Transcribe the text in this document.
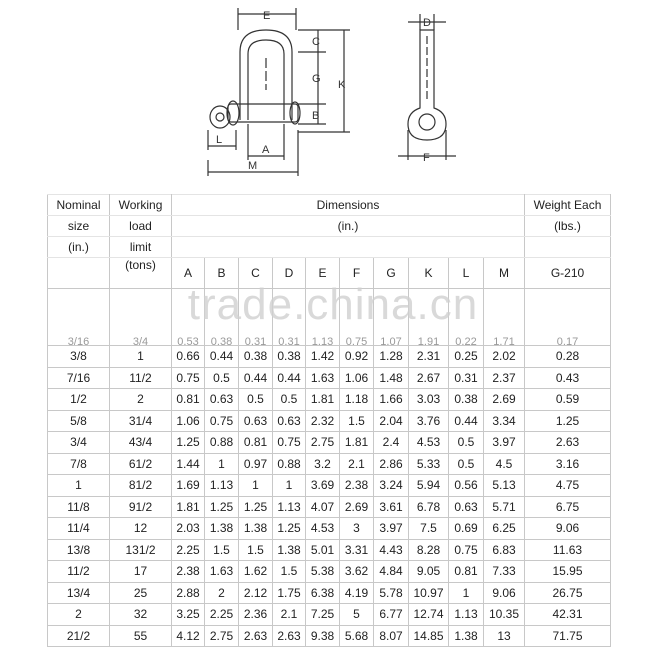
E
C
G K
B
A
L
M
D
F
Nominal	Working	Dimensions										Weight Each
size	load	(in.)										(lbs.)
(in.)	limit											
	(tons)	A	B	C	D	E	F	G	K	L	M	G-210

3/16	3/4	0.53	0.38	0.31	0.31	1.13	0.75	1.07	1.91	0.22	1.71	0.17
3/8	1	0.66	0.44	0.38	0.38	1.42	0.92	1.28	2.31	0.25	2.02	0.28
7/16	11/2	0.75	0.5	0.44	0.44	1.63	1.06	1.48	2.67	0.31	2.37	0.43
1/2	2	0.81	0.63	0.5	0.5	1.81	1.18	1.66	3.03	0.38	2.69	0.59
5/8	31/4	1.06	0.75	0.63	0.63	2.32	1.5	2.04	3.76	0.44	3.34	1.25
3/4	43/4	1.25	0.88	0.81	0.75	2.75	1.81	2.4	4.53	0.5	3.97	2.63
7/8	61/2	1.44	1	0.97	0.88	3.2	2.1	2.86	5.33	0.5	4.5	3.16
1	81/2	1.69	1.13	1	1	3.69	2.38	3.24	5.94	0.56	5.13	4.75
11/8	91/2	1.81	1.25	1.25	1.13	4.07	2.69	3.61	6.78	0.63	5.71	6.75
11/4	12	2.03	1.38	1.38	1.25	4.53	3	3.97	7.5	0.69	6.25	9.06
13/8	131/2	2.25	1.5	1.5	1.38	5.01	3.31	4.43	8.28	0.75	6.83	11.63
11/2	17	2.38	1.63	1.62	1.5	5.38	3.62	4.84	9.05	0.81	7.33	15.95
13/4	25	2.88	2	2.12	1.75	6.38	4.19	5.78	10.97	1	9.06	26.75
2	32	3.25	2.25	2.36	2.1	7.25	5	6.77	12.74	1.13	10.35	42.31
21/2	55	4.12	2.75	2.63	2.63	9.38	5.68	8.07	14.85	1.38	13	71.75
trade.china.cn
